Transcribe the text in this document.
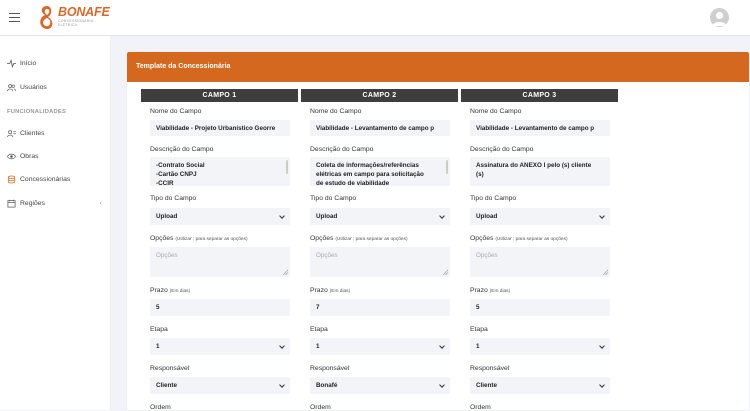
BONAFE
CONCESSIONÁRIA
ELÉTRICA
Início
Usuários
FUNCIONALIDADES
Clientes
Obras
Concessionárias
Regiões	‹
Template da Concessionária
CAMPO 1
Nome do Campo
Viabilidade - Projeto Urbanístico Georre
Descrição do Campo
-Contrato Social
-Cartão CNPJ
-CCIR
Tipo do Campo
Upload
Opções (Utilizar ; para separar as opções)
Opções
Prazo (Em dias)
5
Etapa
1
Responsável
Cliente
Ordem
CAMPO 2
Nome do Campo
Viabilidade - Levantamento de campo p
Descrição do Campo
Coleta de informações/referências
elétricas em campo para solicitação
de estudo de viabilidade
Tipo do Campo
Upload
Opções (Utilizar ; para separar as opções)
Opções
Prazo (Em dias)
7
Etapa
1
Responsável
Bonafé
Ordem
CAMPO 3
Nome do Campo
Viabilidade - Levantamento de campo p
Descrição do Campo
Assinatura do ANEXO I pelo (s) cliente
(s)
Tipo do Campo
Upload
Opções (Utilizar ; para separar as opções)
Opções
Prazo (Em dias)
5
Etapa
1
Responsável
Cliente
Ordem
